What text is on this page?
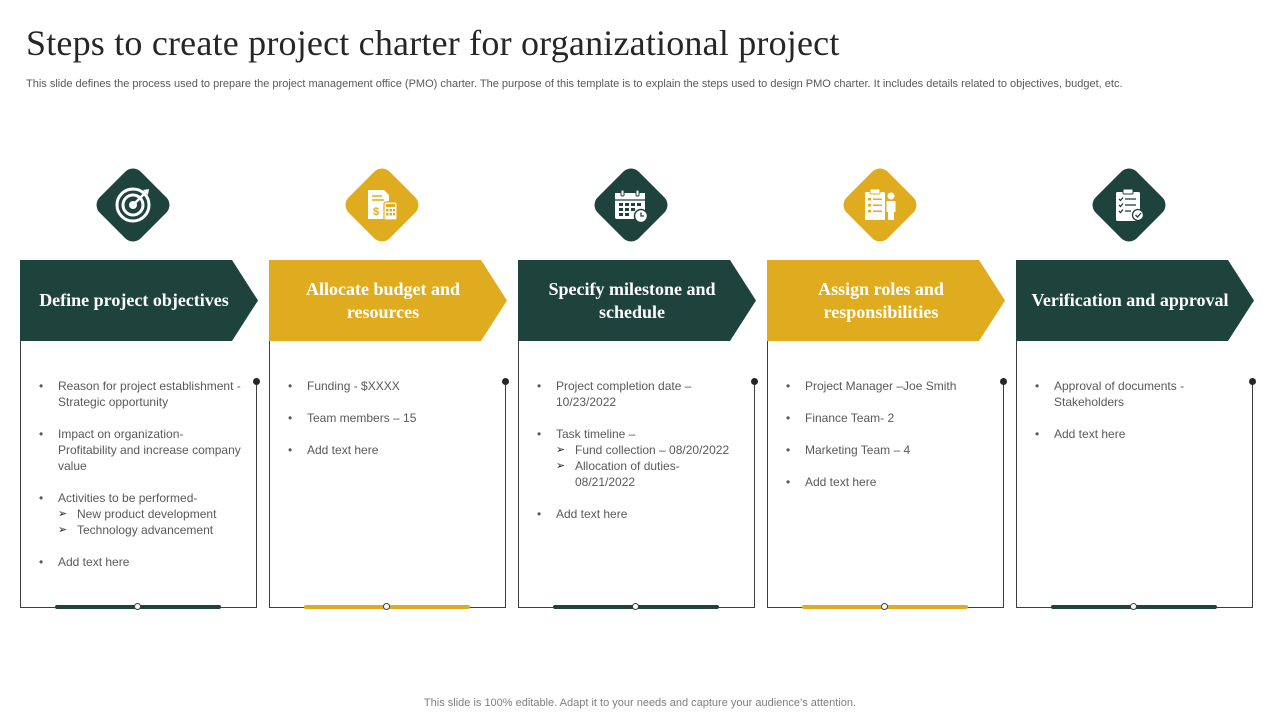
Steps to create project charter for organizational project

This slide defines the process used to prepare the project management office (PMO) charter. The purpose of this template is to explain the steps used to design PMO charter. It includes details related to objectives, budget, etc.

Define project objectives
• Reason for project establishment - Strategic opportunity
• Impact on organization- Profitability and increase company value
• Activities to be performed-
➢ New product development
➢ Technology advancement
• Add text here
$
Allocate budget and resources
• Funding - $XXXX
• Team members – 15
• Add text here
Specify milestone and schedule
• Project completion date – 10/23/2022
• Task timeline –
➢ Fund collection – 08/20/2022
➢ Allocation of duties- 08/21/2022
• Add text here
Assign roles and responsibilities
• Project Manager –Joe Smith
• Finance Team- 2
• Marketing Team – 4
• Add text here
Verification and approval
• Approval of documents - Stakeholders
• Add text here
This slide is 100% editable. Adapt it to your needs and capture your audience’s attention.
